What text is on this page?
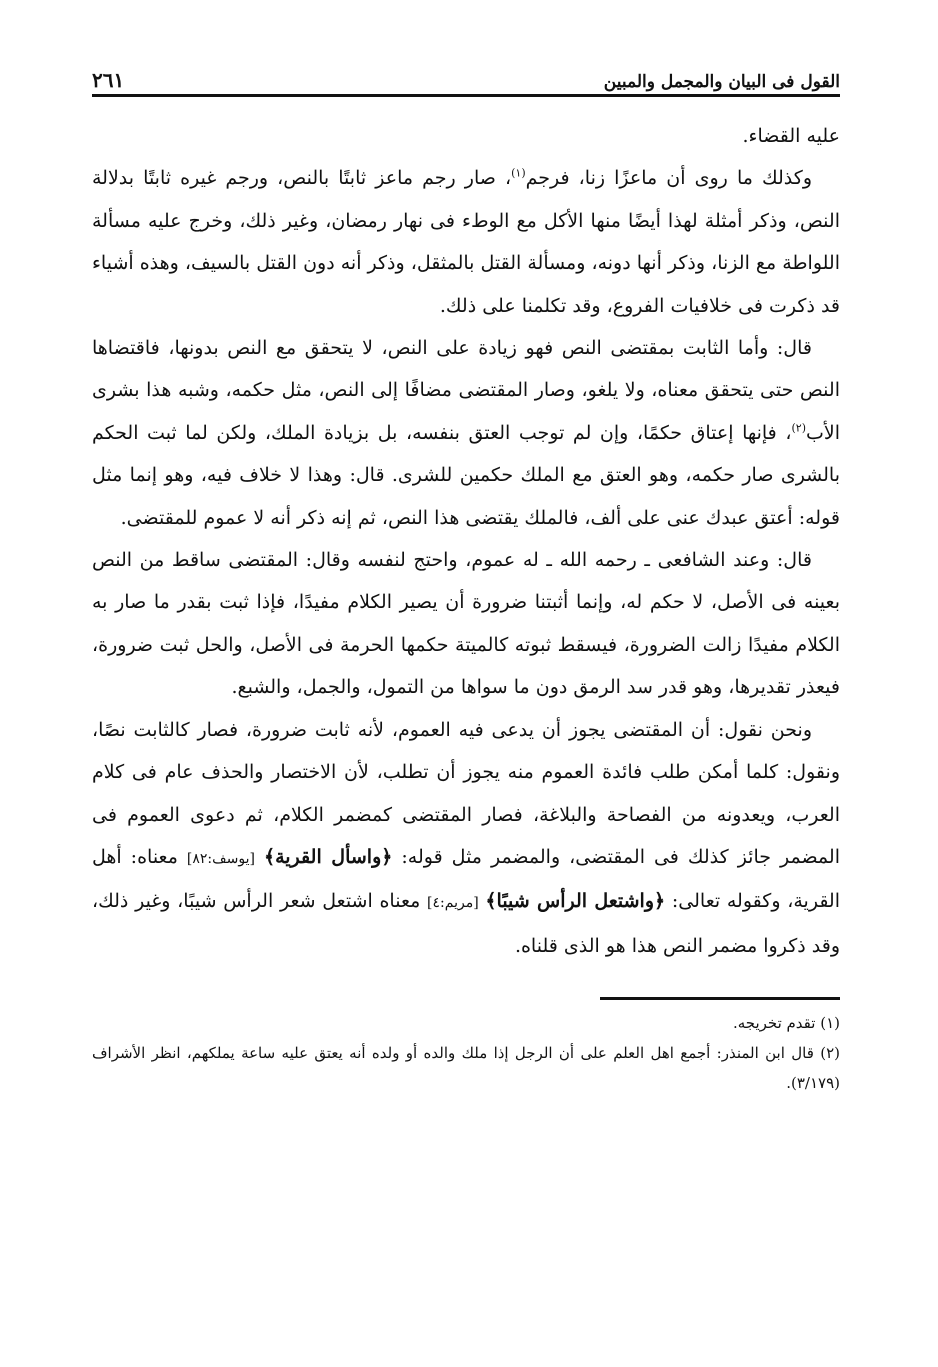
القول فى البيان والمجمل والمبين
٢٦١

عليه القضاء.

وكذلك ما روى أن ماعزًا زنا، فرجم$^{(١)}$، صار رجم ماعز ثابتًا بالنص، ورجم غيره ثابتًا بدلالة النص، وذكر أمثلة لهذا أيضًا منها الأكل مع الوطء فى نهار رمضان، وغير ذلك، وخرج عليه مسألة اللواطة مع الزنا، وذكر أنها دونه، ومسألة القتل بالمثقل، وذكر أنه دون القتل بالسيف، وهذه أشياء قد ذكرت فى خلافيات الفروع، وقد تكلمنا على ذلك.

قال: وأما الثابت بمقتضى النص فهو زيادة على النص، لا يتحقق مع النص بدونها، فاقتضاها النص حتى يتحقق معناه، ولا يلغو، وصار المقتضى مضافًا إلى النص، مثل حكمه، وشبه هذا بشرى الأب$^{(٢)}$، فإنها إعتاق حكمًا، وإن لم توجب العتق بنفسه، بل بزيادة الملك، ولكن لما ثبت الحكم بالشرى صار حكمه، وهو العتق مع الملك حكمين للشرى. قال: وهذا لا خلاف فيه، وهو إنما مثل قوله: أعتق عبدك عنى على ألف، فالملك يقتضى هذا النص، ثم إنه ذكر أنه لا عموم للمقتضى.

قال: وعند الشافعى ـ رحمه الله ـ له عموم، واحتج لنفسه وقال: المقتضى ساقط من النص بعينه فى الأصل، لا حكم له، وإنما أثبتنا ضرورة أن يصير الكلام مفيدًا، فإذا ثبت بقدر ما صار به الكلام مفيدًا زالت الضرورة، فيسقط ثبوته كالميتة حكمها الحرمة فى الأصل، والحل ثبت ضرورة، فيعذر تقديرها، وهو قدر سد الرمق دون ما سواها من التمول، والجمل، والشبع.

ونحن نقول: أن المقتضى يجوز أن يدعى فيه العموم، لأنه ثابت ضرورة، فصار كالثابت نصًا، ونقول: كلما أمكن طلب فائدة العموم منه يجوز أن تطلب، لأن الاختصار والحذف عام فى كلام العرب، ويعدونه من الفصاحة والبلاغة، فصار المقتضى كمضمر الكلام، ثم دعوى العموم فى المضمر جائز كذلك فى المقتضى، والمضمر مثل قوله: ﴿واسأل القرية﴾ [يوسف:٨٢] معناه: أهل القرية، وكقوله تعالى: ﴿واشتعل الرأس شيبًا﴾ [مريم:٤] معناه اشتعل شعر الرأس شيبًا، وغير ذلك، وقد ذكروا مضمر النص هذا هو الذى قلناه.

(١) تقدم تخريجه.

(٢) قال ابن المنذر: أجمع اهل العلم على أن الرجل إذا ملك والده أو ولده أنه يعتق عليه ساعة يملكهم، انظر الأشراف (٣/١٧٩).
